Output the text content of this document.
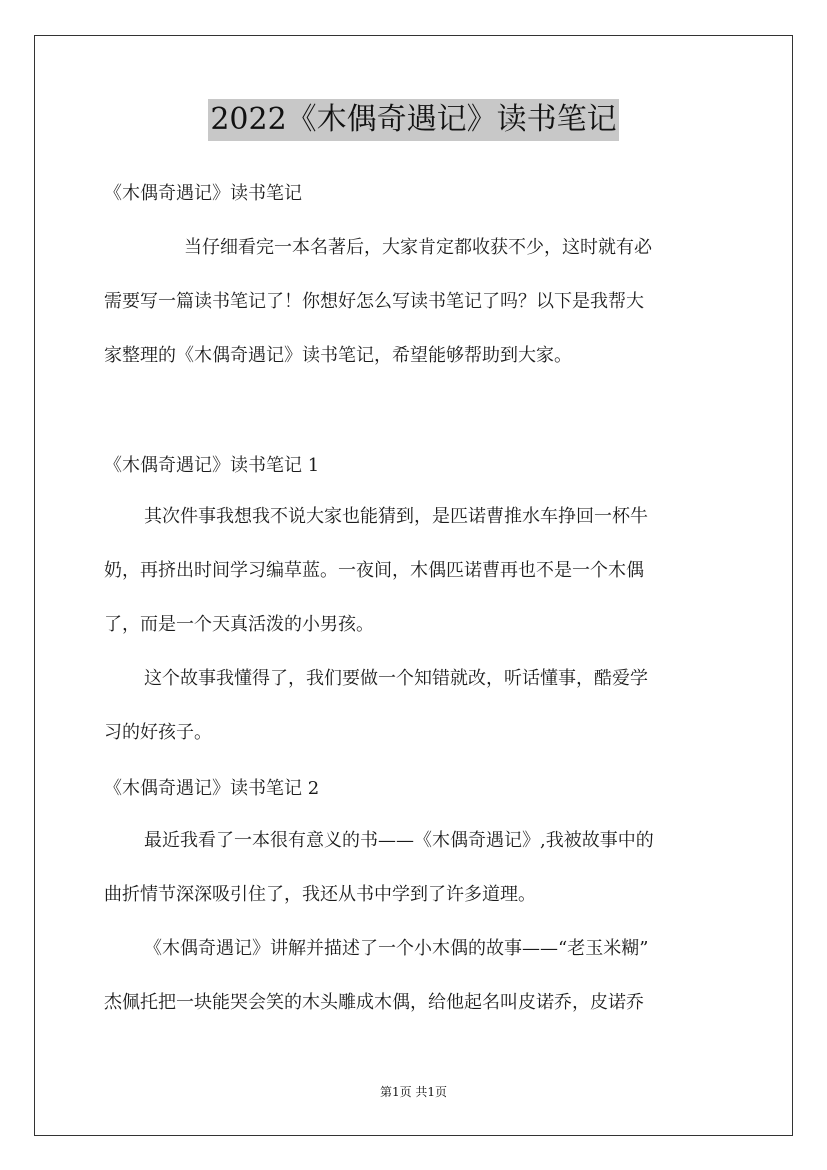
2022《木偶奇遇记》读书笔记
《木偶奇遇记》读书笔记
当仔细看完一本名著后，大家肯定都收获不少，这时就有必
需要写一篇读书笔记了！你想好怎么写读书笔记了吗？以下是我帮大
家整理的《木偶奇遇记》读书笔记，希望能够帮助到大家。
《木偶奇遇记》读书笔记 1
其次件事我想我不说大家也能猜到，是匹诺曹推水车挣回一杯牛
奶，再挤出时间学习编草蓝。一夜间，木偶匹诺曹再也不是一个木偶
了，而是一个天真活泼的小男孩。
这个故事我懂得了，我们要做一个知错就改，听话懂事，酷爱学
习的好孩子。
《木偶奇遇记》读书笔记 2
最近我看了一本很有意义的书——《木偶奇遇记》,我被故事中的
曲折情节深深吸引住了，我还从书中学到了许多道理。
《木偶奇遇记》讲解并描述了一个小木偶的故事——“老玉米糊”
杰佩托把一块能哭会笑的木头雕成木偶，给他起名叫皮诺乔，皮诺乔
第1页 共1页
